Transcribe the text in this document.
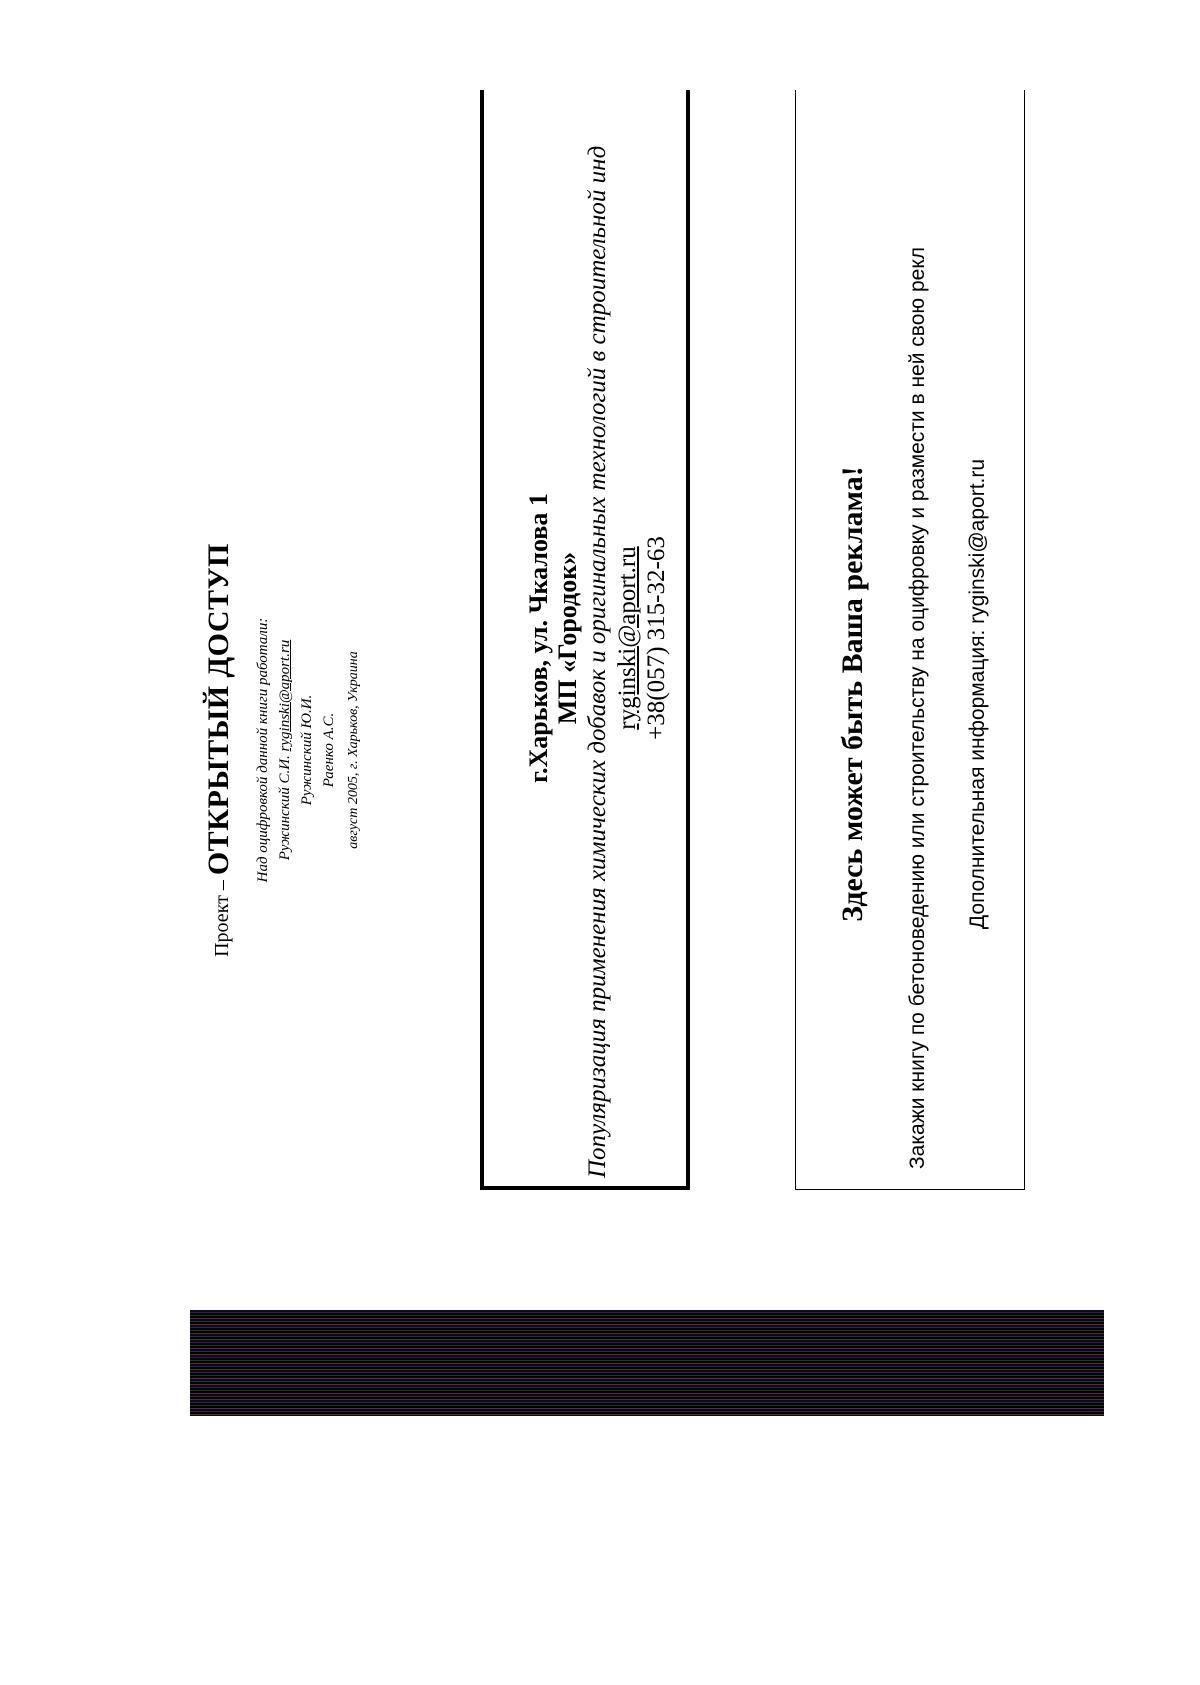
Проект – ОТКРЫТЫЙ ДОСТУП Над оцифровкой данной книги работали: Ружинский С.И. ryginski@aport.ru Ружинский Ю.И. Раенко А.С. август 2005, г. Харьков, Украина	г.Харьков, ул. Чкалова 1 МП «Городок» Популяризация применения химических добавок и оригинальных технологий в строительной инд ryginski@aport.ru +38(057) 315-32-63	Здесь может быть Ваша реклама! Закажи книгу по бетоноведению или строительству на оцифровку и размести в ней свою рекл Дополнительная информация: ryginski@aport.ru
